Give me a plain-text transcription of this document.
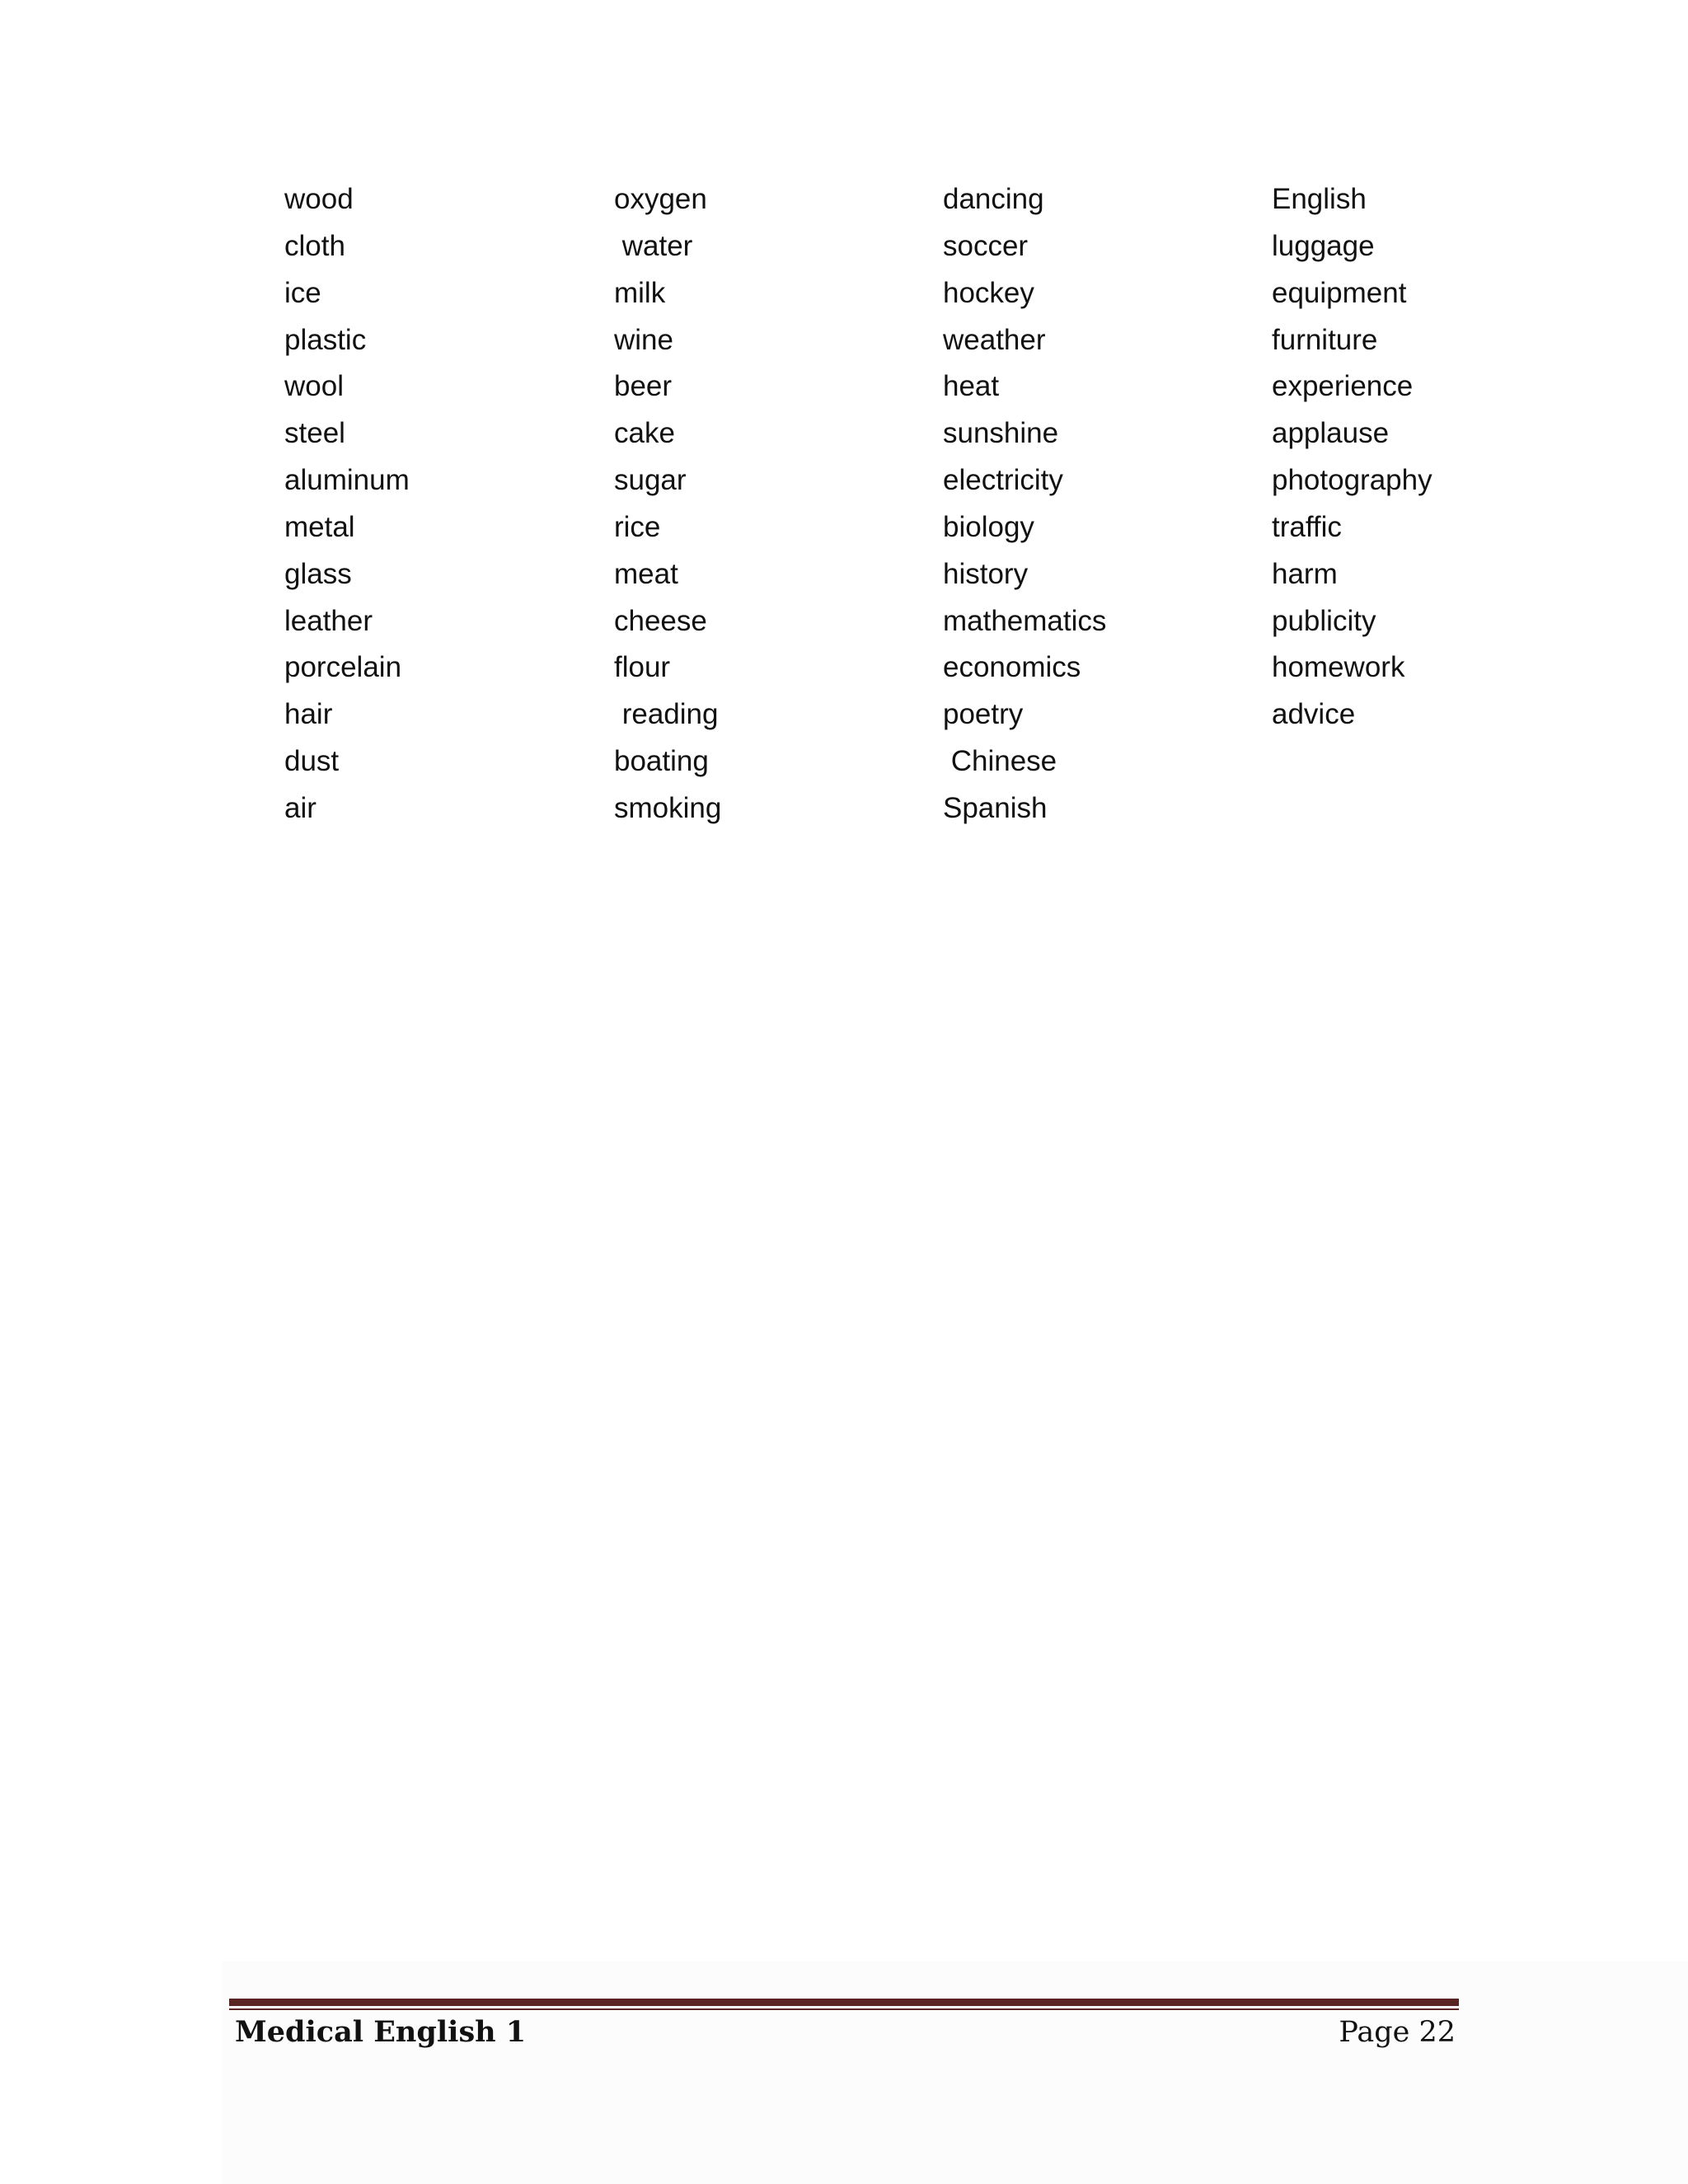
wood
cloth
ice
plastic
wool
steel
aluminum
metal
glass
leather
porcelain
hair
dust
air
oxygen
water
milk
wine
beer
cake
sugar
rice
meat
cheese
flour
reading
boating
smoking
dancing
soccer
hockey
weather
heat
sunshine
electricity
biology
history
mathematics
economics
poetry
Chinese
Spanish
English
luggage
equipment
furniture
experience
applause
photography
traffic
harm
publicity
homework
advice
Medical English 1	Page 22
